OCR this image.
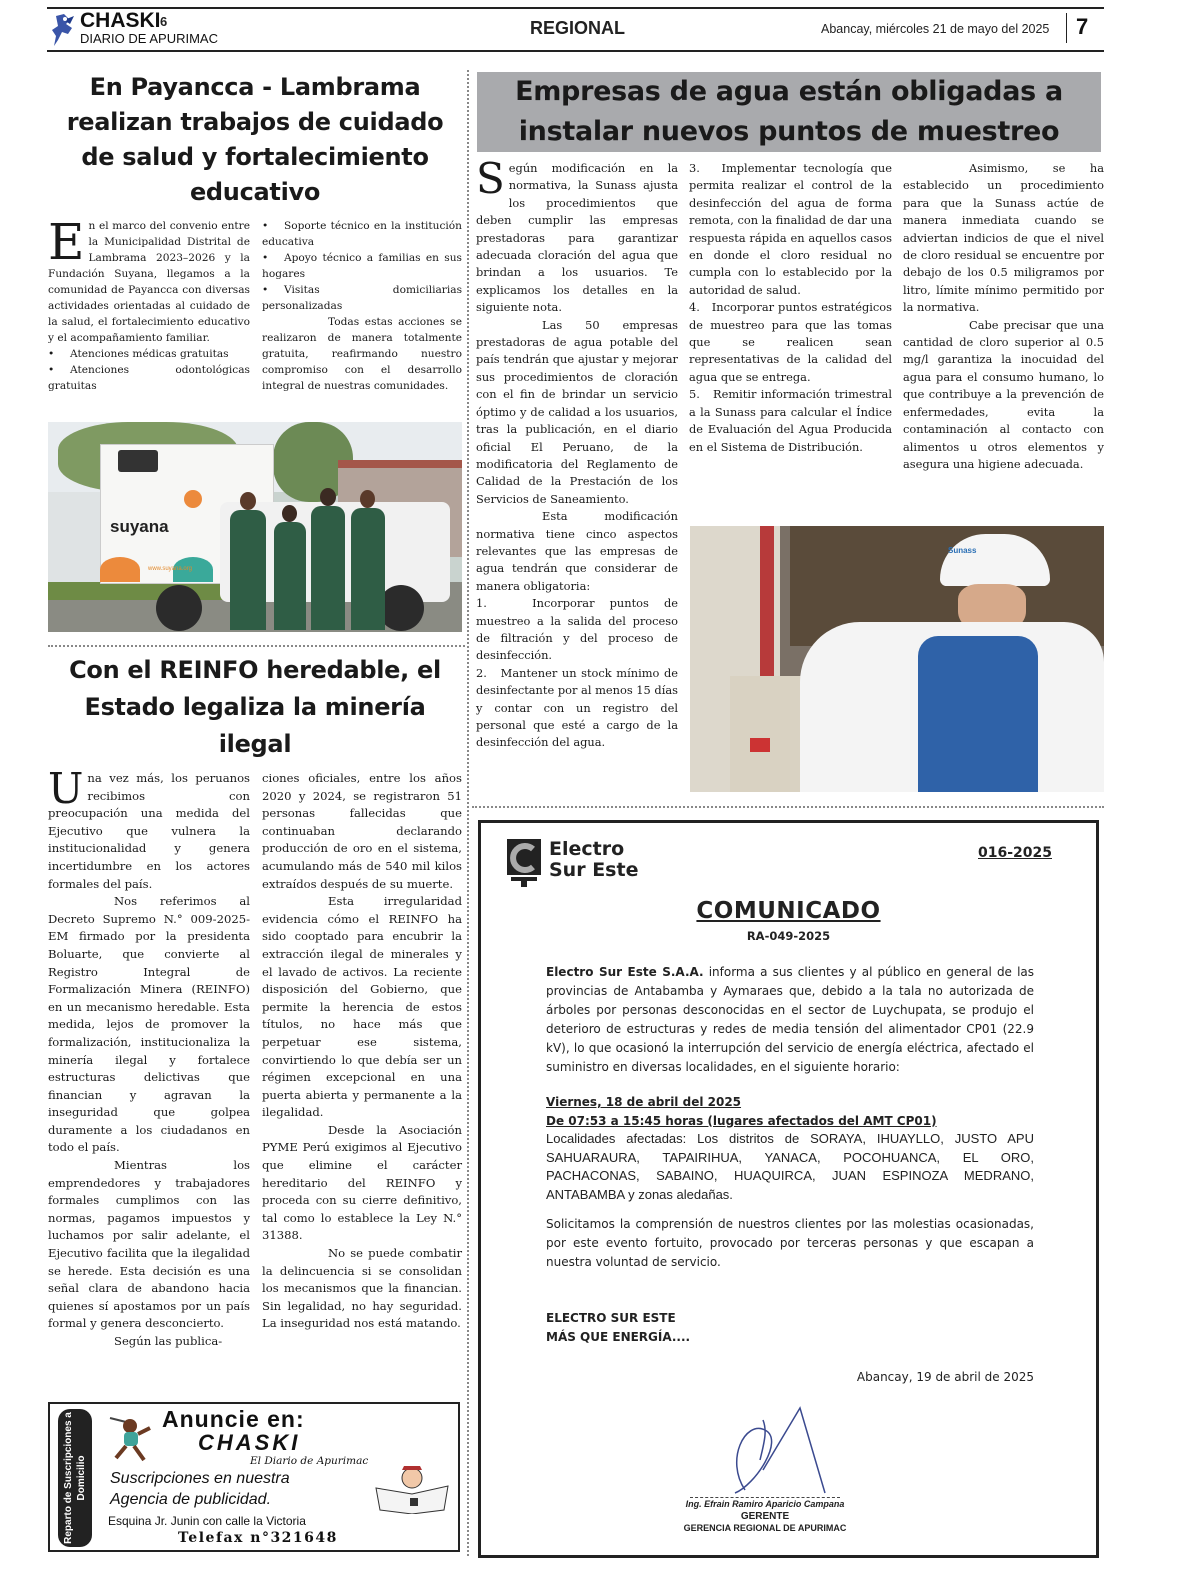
CHASKI
DIARIO DE APURIMAC
6	REGIONAL	Abancay, miércoles 21 de mayo del 2025 7
En Payancca - Lambrama realizan trabajos de cuidado de salud y fortalecimiento educativo
E n el marco del convenio entre la Municipalidad Distrital de Lambrama 2023–2026 y la Fundación Suyana, llegamos a la comunidad de Payancca con diversas actividades orientadas al cuidado de la salud, el fortalecimiento educativo y el acompañamiento familiar.

• Atenciones médicas gratuitas

• Atenciones odontológicas gratuitas

• Soporte técnico en la institución educativa

• Apoyo técnico a familias en sus hogares

• Visitas domiciliarias personalizadas

Todas estas acciones se realizaron de manera totalmente gratuita, reafirmando nuestro compromiso con el desarrollo integral de nuestras comunidades.

suyana
www.suyana.org
Empresas de agua están obligadas a
instalar nuevos puntos de muestreo
S egún modificación en la normativa, la Sunass ajusta los procedimientos que deben cumplir las empresas prestadoras para garantizar adecuada cloración del agua que brindan a los usuarios. Te explicamos los detalles en la siguiente nota.

Las 50 empresas prestadoras de agua potable del país tendrán que ajustar y mejorar sus procedimientos de cloración con el fin de brindar un servicio óptimo y de calidad a los usuarios, tras la publicación, en el diario oficial El Peruano, de la modificatoria del Reglamento de Calidad de la Prestación de los Servicios de Saneamiento.

Esta modificación normativa tiene cinco aspectos relevantes que las empresas de agua tendrán que considerar de manera obligatoria:

1.	Incorporar puntos de muestreo a la salida del proceso de filtración y del proceso de desinfección.

2. Mantener un stock mínimo de desinfectante por al menos 15 días y contar con un registro del personal que esté a cargo de la desinfección del agua.

3. Implementar tecnología que permita realizar el control de la desinfección del agua de forma remota, con la finalidad de dar una respuesta rápida en aquellos casos en donde el cloro residual no cumpla con lo establecido por la autoridad de salud.

4. Incorporar puntos estratégicos de muestreo para que las tomas que se realicen sean representativas de la calidad del agua que se entrega.

5. Remitir información trimestral a la Sunass para calcular el Índice de Evaluación del Agua Producida en el Sistema de Distribución.

Asimismo, se ha establecido un procedimiento para que la Sunass actúe de manera inmediata cuando se adviertan indicios de que el nivel de cloro residual se encuentre por debajo de los 0.5 miligramos por litro, límite mínimo permitido por la normativa.

Cabe precisar que una cantidad de cloro superior al 0.5 mg/l garantiza la inocuidad del agua para el consumo humano, lo que contribuye a la prevención de enfermedades, evita la contaminación al contacto con alimentos u otros elementos y asegura una higiene adecuada.

Sunass
Con el REINFO heredable, el Estado legaliza la minería ilegal
U na vez más, los peruanos recibimos con preocupación una medida del Ejecutivo que vulnera la institucionalidad y genera incertidumbre en los actores formales del país.

Nos referimos al Decreto Supremo N.° 009-2025-EM firmado por la presidenta Boluarte, que convierte al Registro Integral de Formalización Minera (REINFO) en un mecanismo heredable. Esta medida, lejos de promover la formalización, institucionaliza la minería ilegal y fortalece estructuras delictivas que financian y agravan la inseguridad que golpea duramente a los ciudadanos en todo el país.

Mientras los emprendedores y trabajadores formales cumplimos con las normas, pagamos impuestos y luchamos por salir adelante, el Ejecutivo facilita que la ilegalidad se herede. Esta decisión es una señal clara de abandono hacia quienes sí apostamos por un país formal y genera desconcierto.

Según las publica-

ciones oficiales, entre los años 2020 y 2024, se registraron 51 personas fallecidas que continuaban declarando producción de oro en el sistema, acumulando más de 540 mil kilos extraídos después de su muerte.

Esta irregularidad evidencia cómo el REINFO ha sido cooptado para encubrir la extracción ilegal de minerales y el lavado de activos. La reciente disposición del Gobierno, que permite la herencia de estos títulos, no hace más que perpetuar ese sistema, convirtiendo lo que debía ser un régimen excepcional en una puerta abierta y permanente a la ilegalidad.

Desde la Asociación PYME Perú exigimos al Ejecutivo que elimine el carácter hereditario del REINFO y proceda con su cierre definitivo, tal como lo establece la Ley N.° 31388.

No se puede combatir la delincuencia si se consolidan los mecanismos que la financian. Sin legalidad, no hay seguridad. La inseguridad nos está matando.

Reparto de Suscripciones a Domicilio
Anuncie en:
CHASKI
El Diario de Apurimac
Suscripciones en nuestra
Agencia de publicidad.
Esquina Jr. Junin con calle la Victoria
Telefax n°321648
Electro
Sur Este
016-2025
COMUNICADO
RA-049-2025

Electro Sur Este S.A.A. informa a sus clientes y al público en general de las provincias de Antabamba y Aymaraes que, debido a la tala no autorizada de árboles por personas desconocidas en el sector de Luychupata, se produjo el deterioro de estructuras y redes de media tensión del alimentador CP01 (22.9 kV), lo que ocasionó la interrupción del servicio de energía eléctrica, afectado el suministro en diversas localidades, en el siguiente horario:

Viernes, 18 de abril del 2025

De 07:53 a 15:45 horas (lugares afectados del AMT CP01)

Localidades afectadas: Los distritos de SORAYA, IHUAYLLO, JUSTO APU SAHUARAURA, TAPAIRIHUA, YANACA, POCOHUANCA, EL ORO, PACHACONAS, SABAINO, HUAQUIRCA, JUAN ESPINOZA MEDRANO, ANTABAMBA y zonas aledañas.

Solicitamos la comprensión de nuestros clientes por las molestias ocasionadas, por este evento fortuito, provocado por terceras personas y que escapan a nuestra voluntad de servicio.

ELECTRO SUR ESTE

MÁS QUE ENERGÍA....

Abancay, 19 de abril de 2025
Ing. Efrain Ramiro Aparicio Campana
GERENTE
GERENCIA REGIONAL DE APURIMAC
